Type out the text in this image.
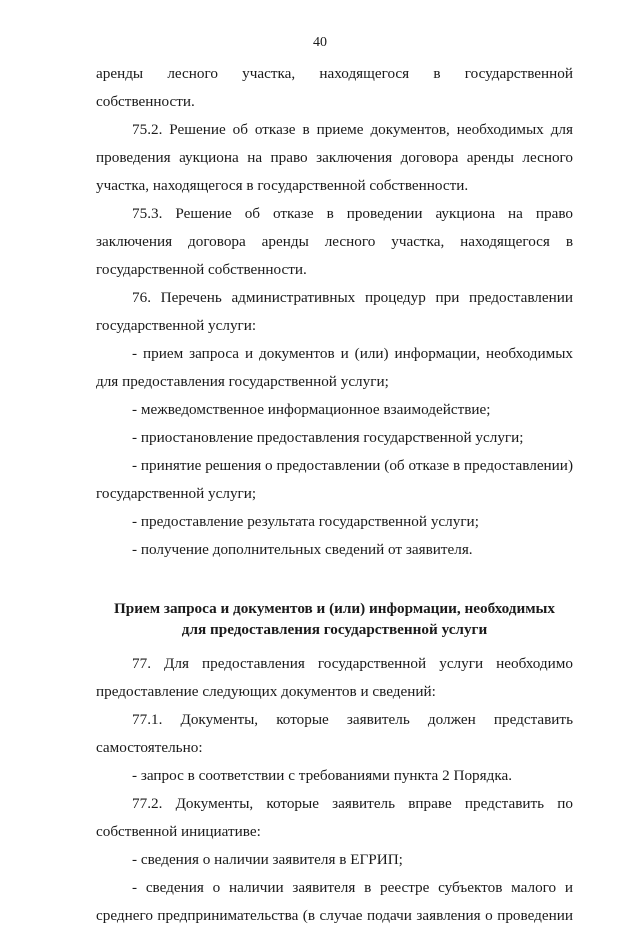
40

аренды лесного участка, находящегося в государственной собственности.

75.2. Решение об отказе в приеме документов, необходимых для проведения аукциона на право заключения договора аренды лесного участка, находящегося в государственной собственности.

75.3. Решение об отказе в проведении аукциона на право заключения договора аренды лесного участка, находящегося в государственной собственности.

76. Перечень административных процедур при предоставлении государственной услуги:

- прием запроса и документов и (или) информации, необходимых для предоставления государственной услуги;

- межведомственное информационное взаимодействие;

- приостановление предоставления государственной услуги;

- принятие решения о предоставлении (об отказе в предоставлении) государственной услуги;

- предоставление результата государственной услуги;

- получение дополнительных сведений от заявителя.

Прием запроса и документов и (или) информации, необходимых
для предоставления государственной услуги

77. Для предоставления государственной услуги необходимо предоставление следующих документов и сведений:

77.1. Документы, которые заявитель должен представить самостоятельно:

- запрос в соответствии с требованиями пункта 2 Порядка.

77.2. Документы, которые заявитель вправе представить по собственной инициативе:

- сведения о наличии заявителя в ЕГРИП;

- сведения о наличии заявителя в реестре субъектов малого и среднего предпринимательства (в случае подачи заявления о проведении
